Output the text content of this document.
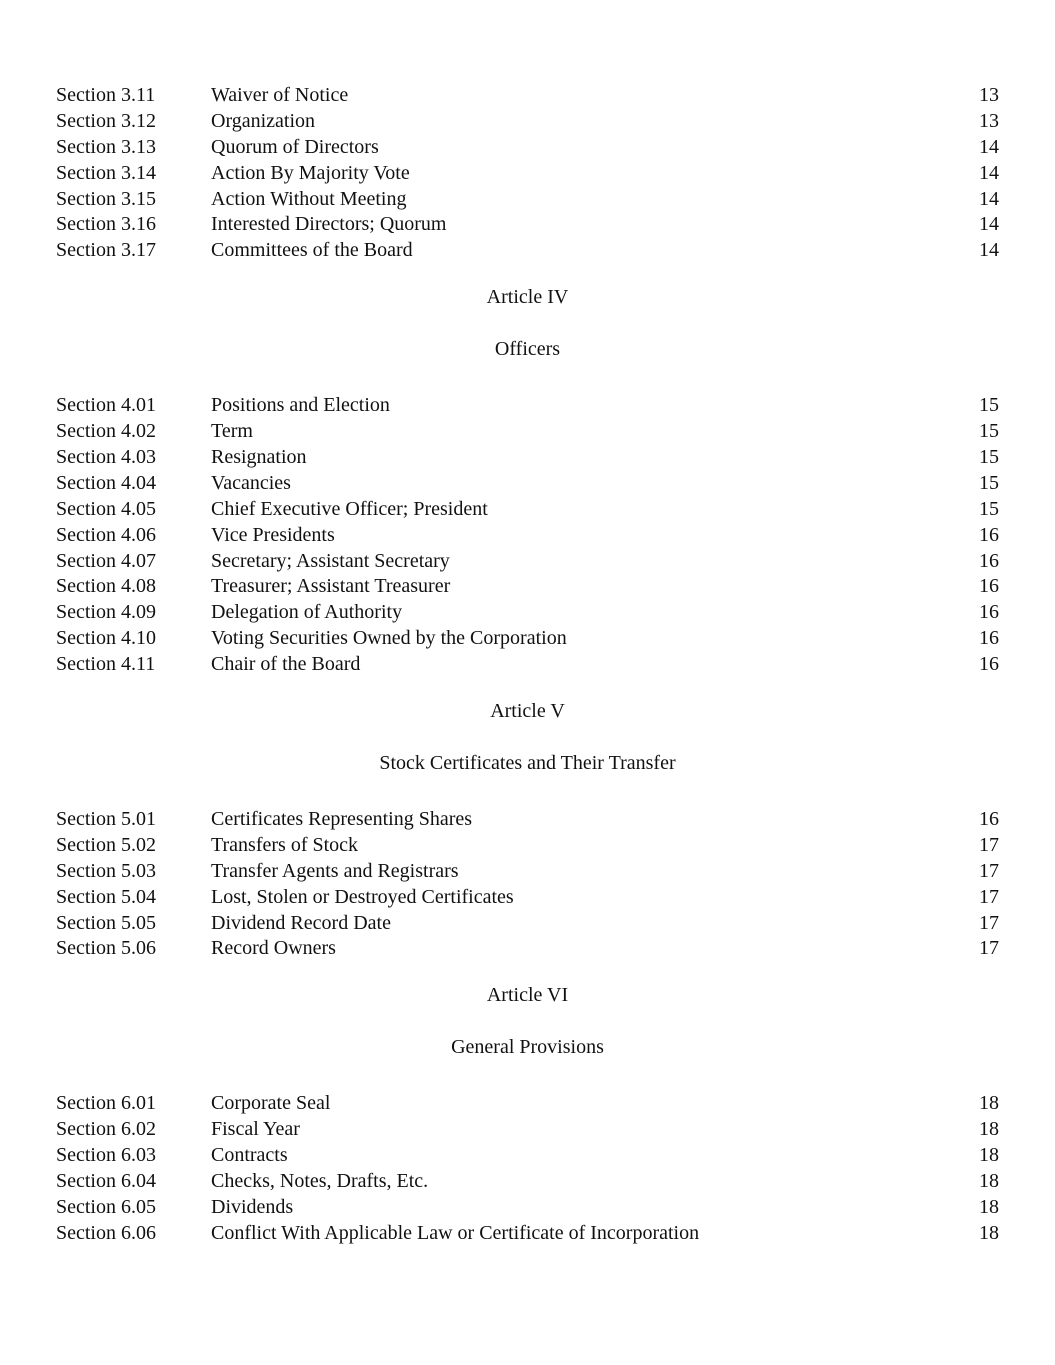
Section 3.11	Waiver of Notice	13
Section 3.12	Organization	13
Section 3.13	Quorum of Directors	14
Section 3.14	Action By Majority Vote	14
Section 3.15	Action Without Meeting	14
Section 3.16	Interested Directors; Quorum	14
Section 3.17	Committees of the Board	14
Article IV
Officers
Section 4.01	Positions and Election	15
Section 4.02	Term	15
Section 4.03	Resignation	15
Section 4.04	Vacancies	15
Section 4.05	Chief Executive Officer; President	15
Section 4.06	Vice Presidents	16
Section 4.07	Secretary; Assistant Secretary	16
Section 4.08	Treasurer; Assistant Treasurer	16
Section 4.09	Delegation of Authority	16
Section 4.10	Voting Securities Owned by the Corporation	16
Section 4.11	Chair of the Board	16
Article V
Stock Certificates and Their Transfer
Section 5.01	Certificates Representing Shares	16
Section 5.02	Transfers of Stock	17
Section 5.03	Transfer Agents and Registrars	17
Section 5.04	Lost, Stolen or Destroyed Certificates	17
Section 5.05	Dividend Record Date	17
Section 5.06	Record Owners	17
Article VI
General Provisions
Section 6.01	Corporate Seal	18
Section 6.02	Fiscal Year	18
Section 6.03	Contracts	18
Section 6.04	Checks, Notes, Drafts, Etc.	18
Section 6.05	Dividends	18
Section 6.06	Conflict With Applicable Law or Certificate of Incorporation	18
